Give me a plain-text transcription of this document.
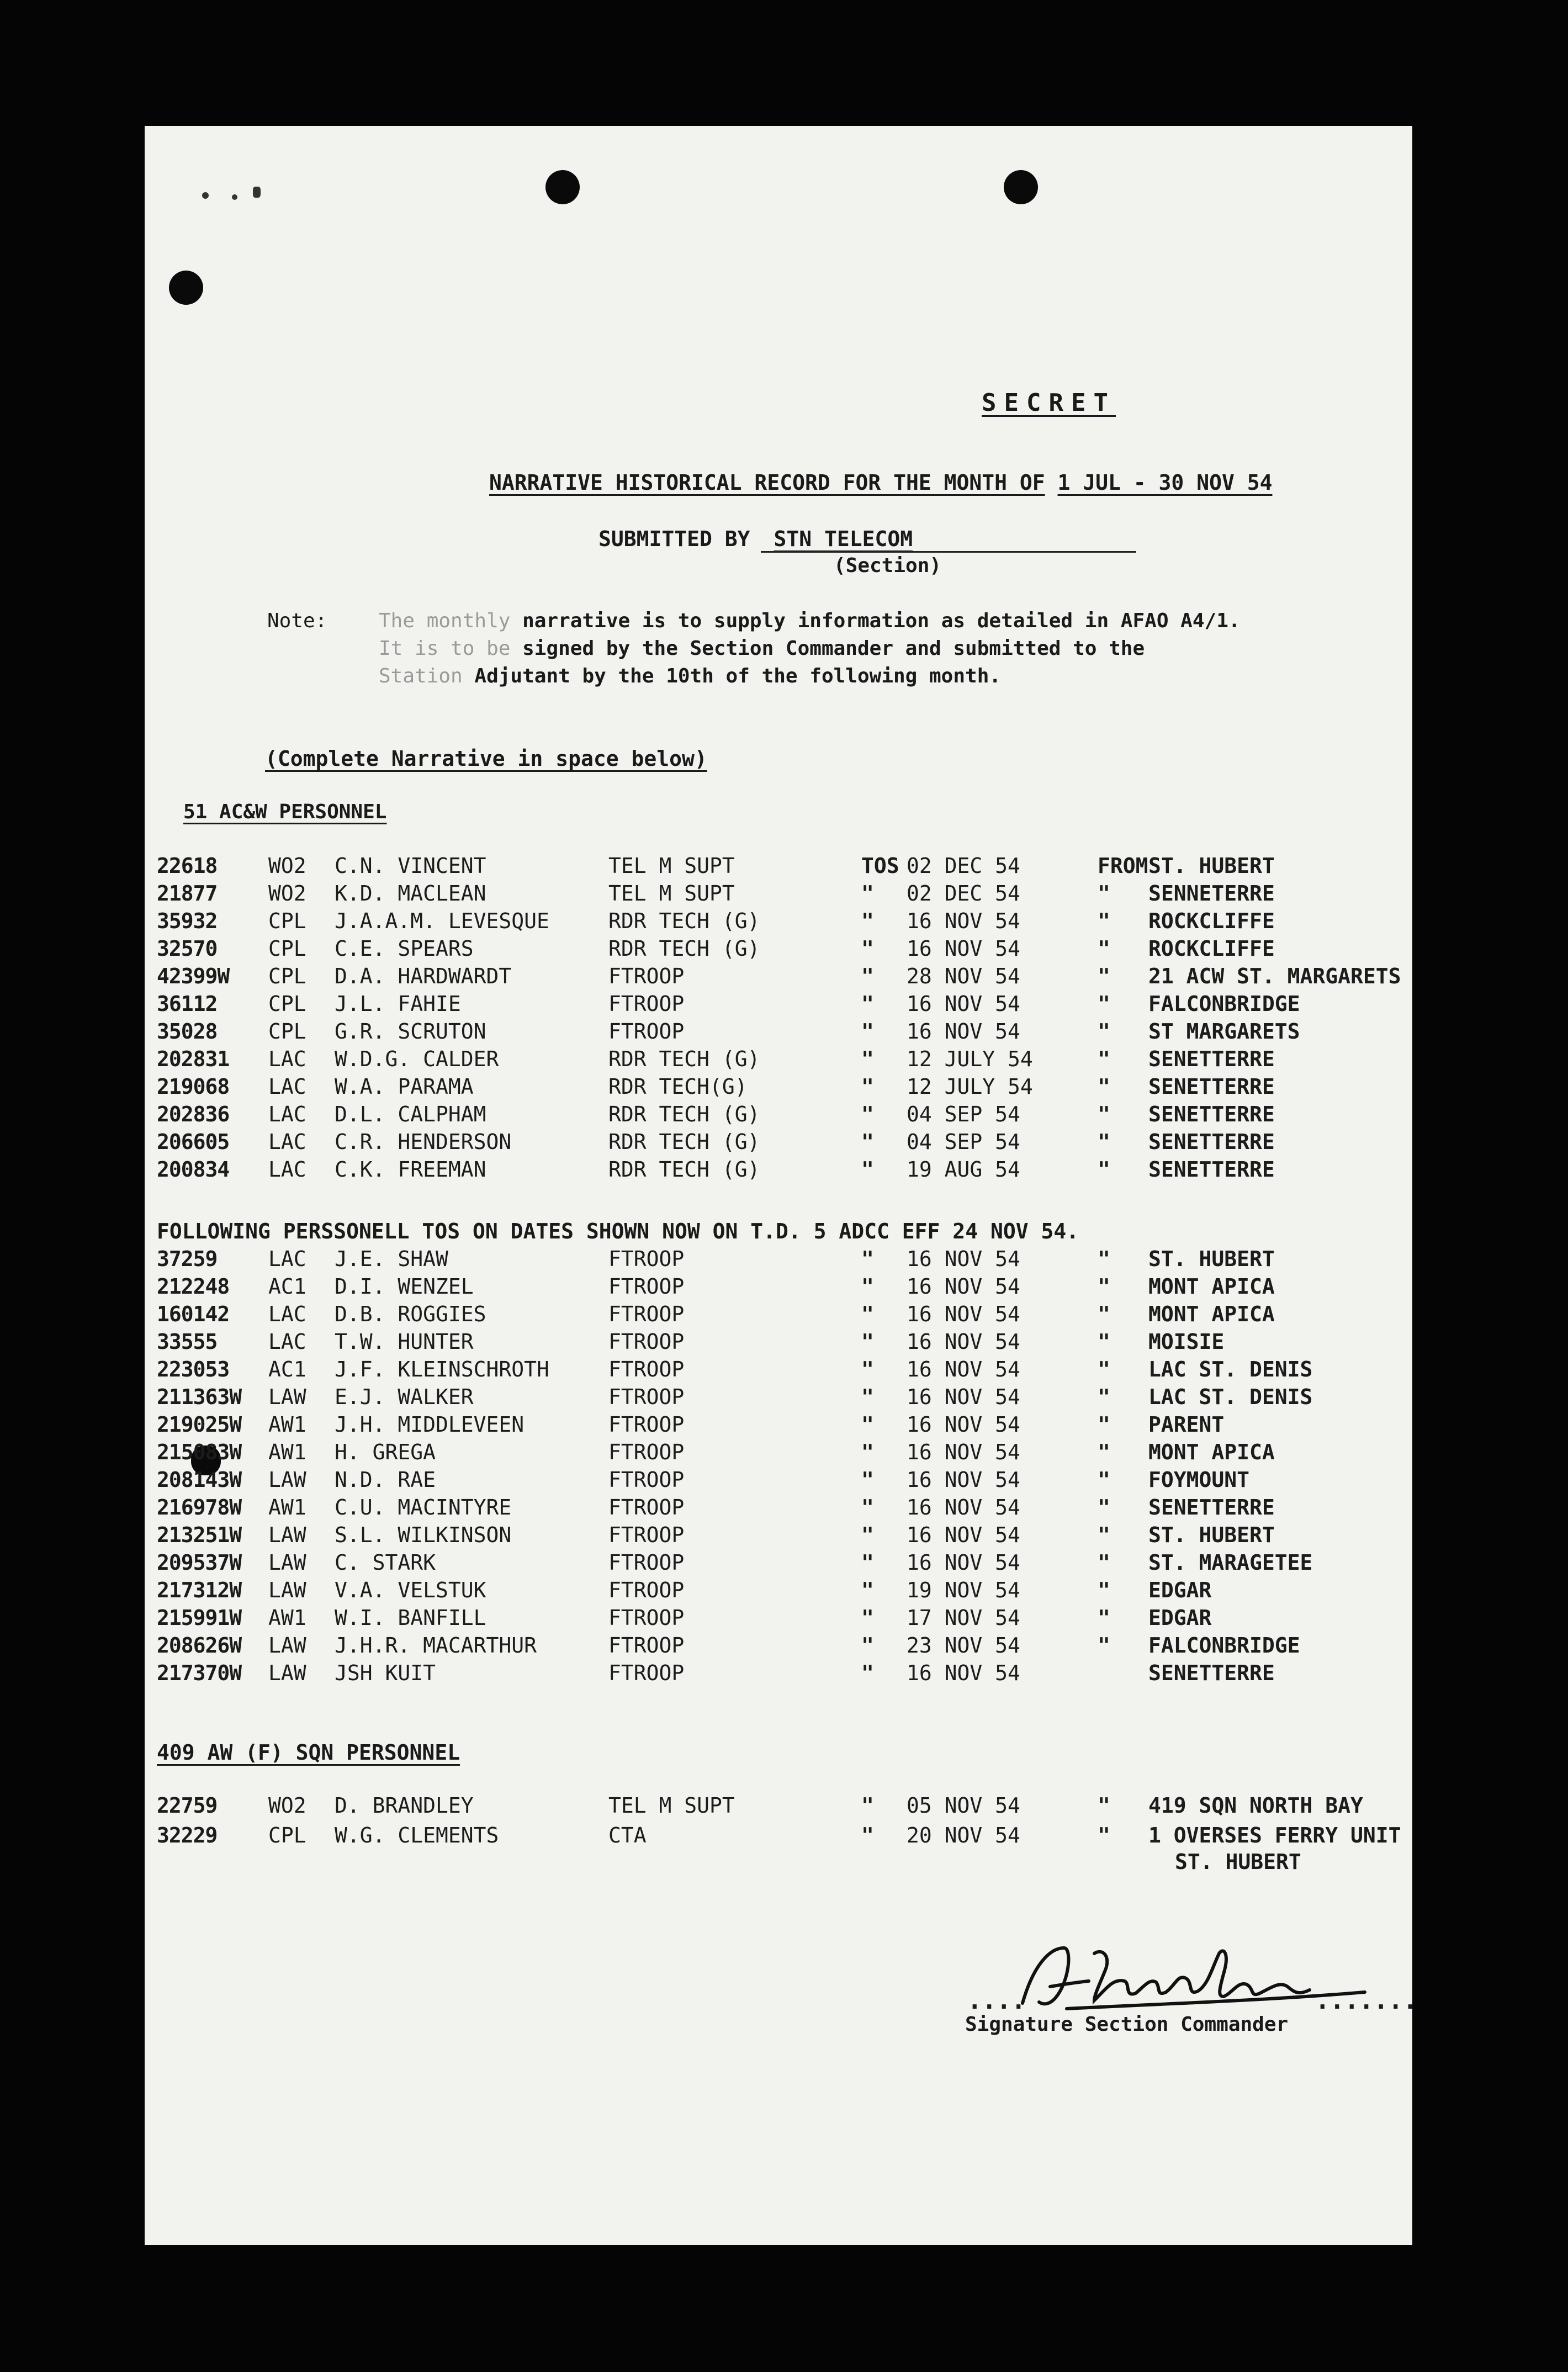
SECRET
NARRATIVE HISTORICAL RECORD FOR THE MONTH OF 1 JUL - 30 NOV 54
SUBMITTED BY STN TELECOM
(Section)
Note:	The monthly narrative is to supply information as detailed in AFAO A4/1.
It is to be signed by the Section Commander and submitted to the
Station Adjutant by the 10th of the following month.
(Complete Narrative in space below)
51 AC&W PERSONNEL
22618 WO2 C.N. VINCENT	TEL M SUPT	TOS 02 DEC 54	FROM ST. HUBERT
21877 WO2 K.D. MACLEAN	TEL M SUPT	" 02 DEC 54	" SENNETERRE
35932 CPL J.A.A.M. LEVESQUE	RDR TECH (G)	" 16 NOV 54	" ROCKCLIFFE
32570 CPL C.E. SPEARS	RDR TECH (G)	" 16 NOV 54	" ROCKCLIFFE
42399W CPL D.A. HARDWARDT	FTROOP	" 28 NOV 54	" 21 ACW ST. MARGARETS
36112 CPL J.L. FAHIE	FTROOP	" 16 NOV 54	" FALCONBRIDGE
35028 CPL G.R. SCRUTON	FTROOP	" 16 NOV 54	" ST MARGARETS
202831 LAC W.D.G. CALDER	RDR TECH (G)	" 12 JULY 54	" SENETTERRE
219068 LAC W.A. PARAMA	RDR TECH(G)	" 12 JULY 54	" SENETTERRE
202836 LAC D.L. CALPHAM	RDR TECH (G)	" 04 SEP 54	" SENETTERRE
206605 LAC C.R. HENDERSON	RDR TECH (G)	" 04 SEP 54	" SENETTERRE
200834 LAC C.K. FREEMAN	RDR TECH (G)	" 19 AUG 54	" SENETTERRE
FOLLOWING PERSSONELL TOS ON DATES SHOWN NOW ON T.D. 5 ADCC EFF 24 NOV 54.
37259 LAC J.E. SHAW	FTROOP	" 16 NOV 54	" ST. HUBERT
212248 AC1 D.I. WENZEL	FTROOP	" 16 NOV 54	" MONT APICA
160142 LAC D.B. ROGGIES	FTROOP	" 16 NOV 54	" MONT APICA
33555 LAC T.W. HUNTER	FTROOP	" 16 NOV 54	" MOISIE
223053 AC1 J.F. KLEINSCHROTH	FTROOP	" 16 NOV 54	" LAC ST. DENIS
211363W LAW E.J. WALKER	FTROOP	" 16 NOV 54	" LAC ST. DENIS
219025W AW1 J.H. MIDDLEVEEN	FTROOP	" 16 NOV 54	" PARENT
215083W AW1 H. GREGA	FTROOP	" 16 NOV 54	" MONT APICA
208143W LAW N.D. RAE	FTROOP	" 16 NOV 54	" FOYMOUNT
216978W AW1 C.U. MACINTYRE	FTROOP	" 16 NOV 54	" SENETTERRE
213251W LAW S.L. WILKINSON	FTROOP	" 16 NOV 54	" ST. HUBERT
209537W LAW C. STARK	FTROOP	" 16 NOV 54	" ST. MARAGETEE
217312W LAW V.A. VELSTUK	FTROOP	" 19 NOV 54	" EDGAR
215991W AW1 W.I. BANFILL	FTROOP	" 17 NOV 54	" EDGAR
208626W LAW J.H.R. MACARTHUR	FTROOP	" 23 NOV 54	" FALCONBRIDGE
217370W LAW JSH KUIT	FTROOP	" 16 NOV 54	SENETTERRE
409 AW (F) SQN PERSONNEL
22759 WO2 D. BRANDLEY	TEL M SUPT	" 05 NOV 54	" 419 SQN NORTH BAY
32229 CPL W.G. CLEMENTS	CTA	" 20 NOV 54	" 1 OVERSES FERRY UNIT
ST. HUBERT
....	.......
Signature Section Commander
